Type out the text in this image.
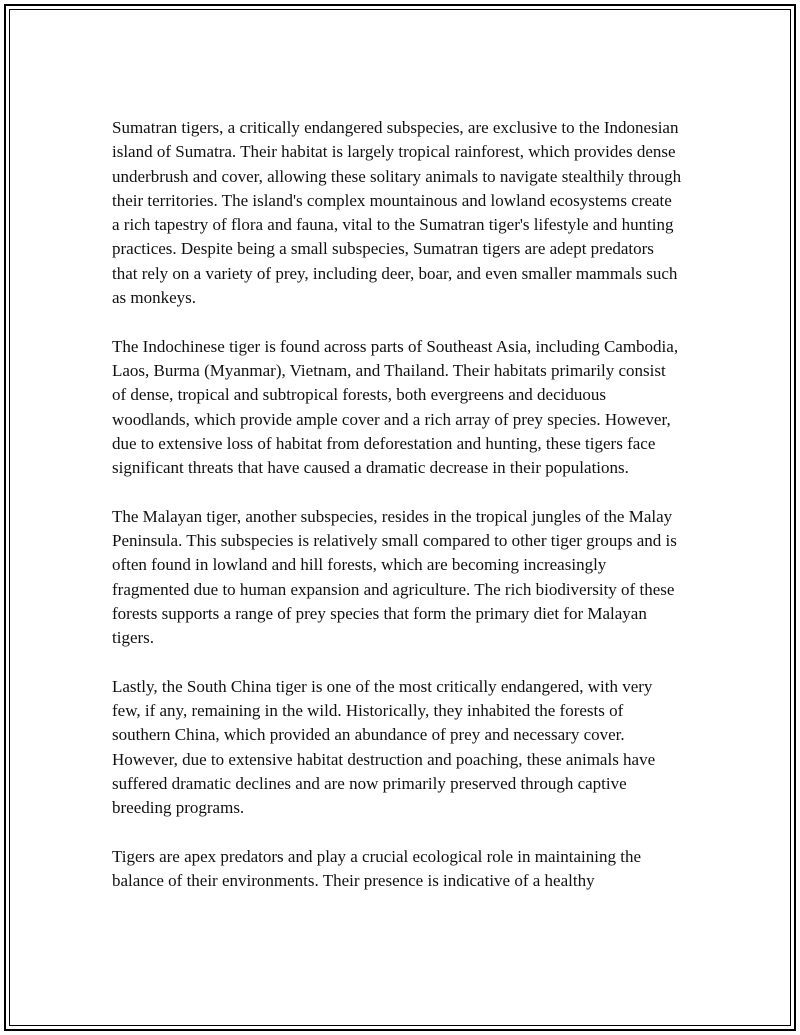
Sumatran tigers, a critically endangered subspecies, are exclusive to the Indonesian island of Sumatra. Their habitat is largely tropical rainforest, which provides dense underbrush and cover, allowing these solitary animals to navigate stealthily through their territories. The island's complex mountainous and lowland ecosystems create a rich tapestry of flora and fauna, vital to the Sumatran tiger's lifestyle and hunting practices. Despite being a small subspecies, Sumatran tigers are adept predators that rely on a variety of prey, including deer, boar, and even smaller mammals such as monkeys.

The Indochinese tiger is found across parts of Southeast Asia, including Cambodia, Laos, Burma (Myanmar), Vietnam, and Thailand. Their habitats primarily consist of dense, tropical and subtropical forests, both evergreens and deciduous woodlands, which provide ample cover and a rich array of prey species. However, due to extensive loss of habitat from deforestation and hunting, these tigers face significant threats that have caused a dramatic decrease in their populations.

The Malayan tiger, another subspecies, resides in the tropical jungles of the Malay Peninsula. This subspecies is relatively small compared to other tiger groups and is often found in lowland and hill forests, which are becoming increasingly fragmented due to human expansion and agriculture. The rich biodiversity of these forests supports a range of prey species that form the primary diet for Malayan tigers.

Lastly, the South China tiger is one of the most critically endangered, with very few, if any, remaining in the wild. Historically, they inhabited the forests of southern China, which provided an abundance of prey and necessary cover. However, due to extensive habitat destruction and poaching, these animals have suffered dramatic declines and are now primarily preserved through captive breeding programs.

Tigers are apex predators and play a crucial ecological role in maintaining the balance of their environments. Their presence is indicative of a healthy
